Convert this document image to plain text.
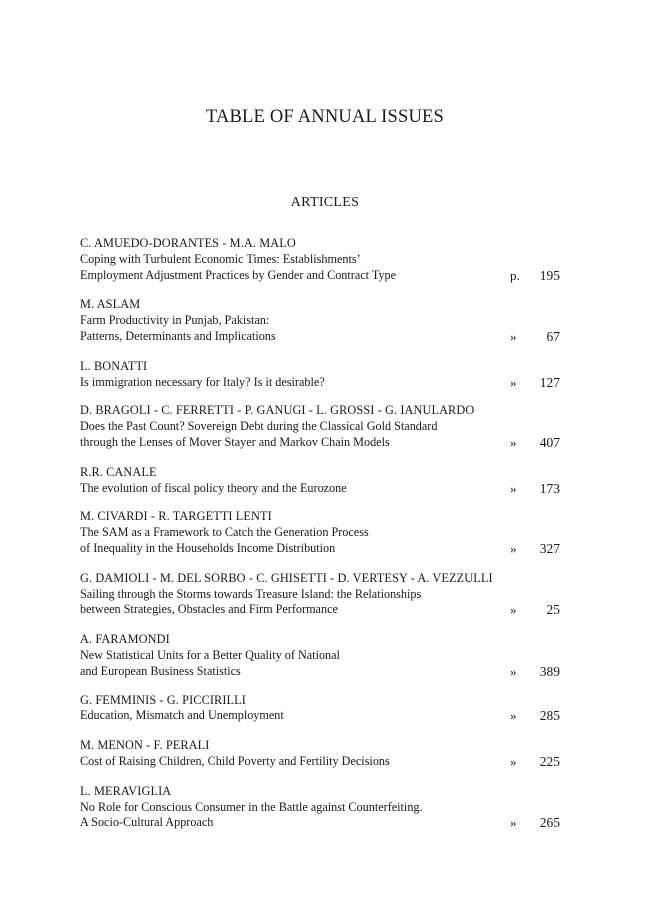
TABLE OF ANNUAL ISSUES
ARTICLES
C. AMUEDO-DORANTES - M.A. MALO
Coping with Turbulent Economic Times: Establishments’
Employment Adjustment Practices by Gender and Contract Type	p.	195
M. ASLAM
Farm Productivity in Punjab, Pakistan:
Patterns, Determinants and Implications	»	67
L. BONATTI
Is immigration necessary for Italy? Is it desirable?	»	127
D. BRAGOLI - C. FERRETTI - P. GANUGI - L. GROSSI - G. IANULARDO
Does the Past Count? Sovereign Debt during the Classical Gold Standard
through the Lenses of Mover Stayer and Markov Chain Models	»	407
R.R. CANALE
The evolution of fiscal policy theory and the Eurozone	»	173
M. CIVARDI - R. TARGETTI LENTI
The SAM as a Framework to Catch the Generation Process
of Inequality in the Households Income Distribution	»	327
G. DAMIOLI - M. DEL SORBO - C. GHISETTI - D. VERTESY - A. VEZZULLI
Sailing through the Storms towards Treasure Island: the Relationships
between Strategies, Obstacles and Firm Performance	»	25
A. FARAMONDI
New Statistical Units for a Better Quality of National
and European Business Statistics	»	389
G. FEMMINIS - G. PICCIRILLI
Education, Mismatch and Unemployment	»	285
M. MENON - F. PERALI
Cost of Raising Children, Child Poverty and Fertility Decisions	»	225
L. MERAVIGLIA
No Role for Conscious Consumer in the Battle against Counterfeiting.
A Socio-Cultural Approach	»	265
